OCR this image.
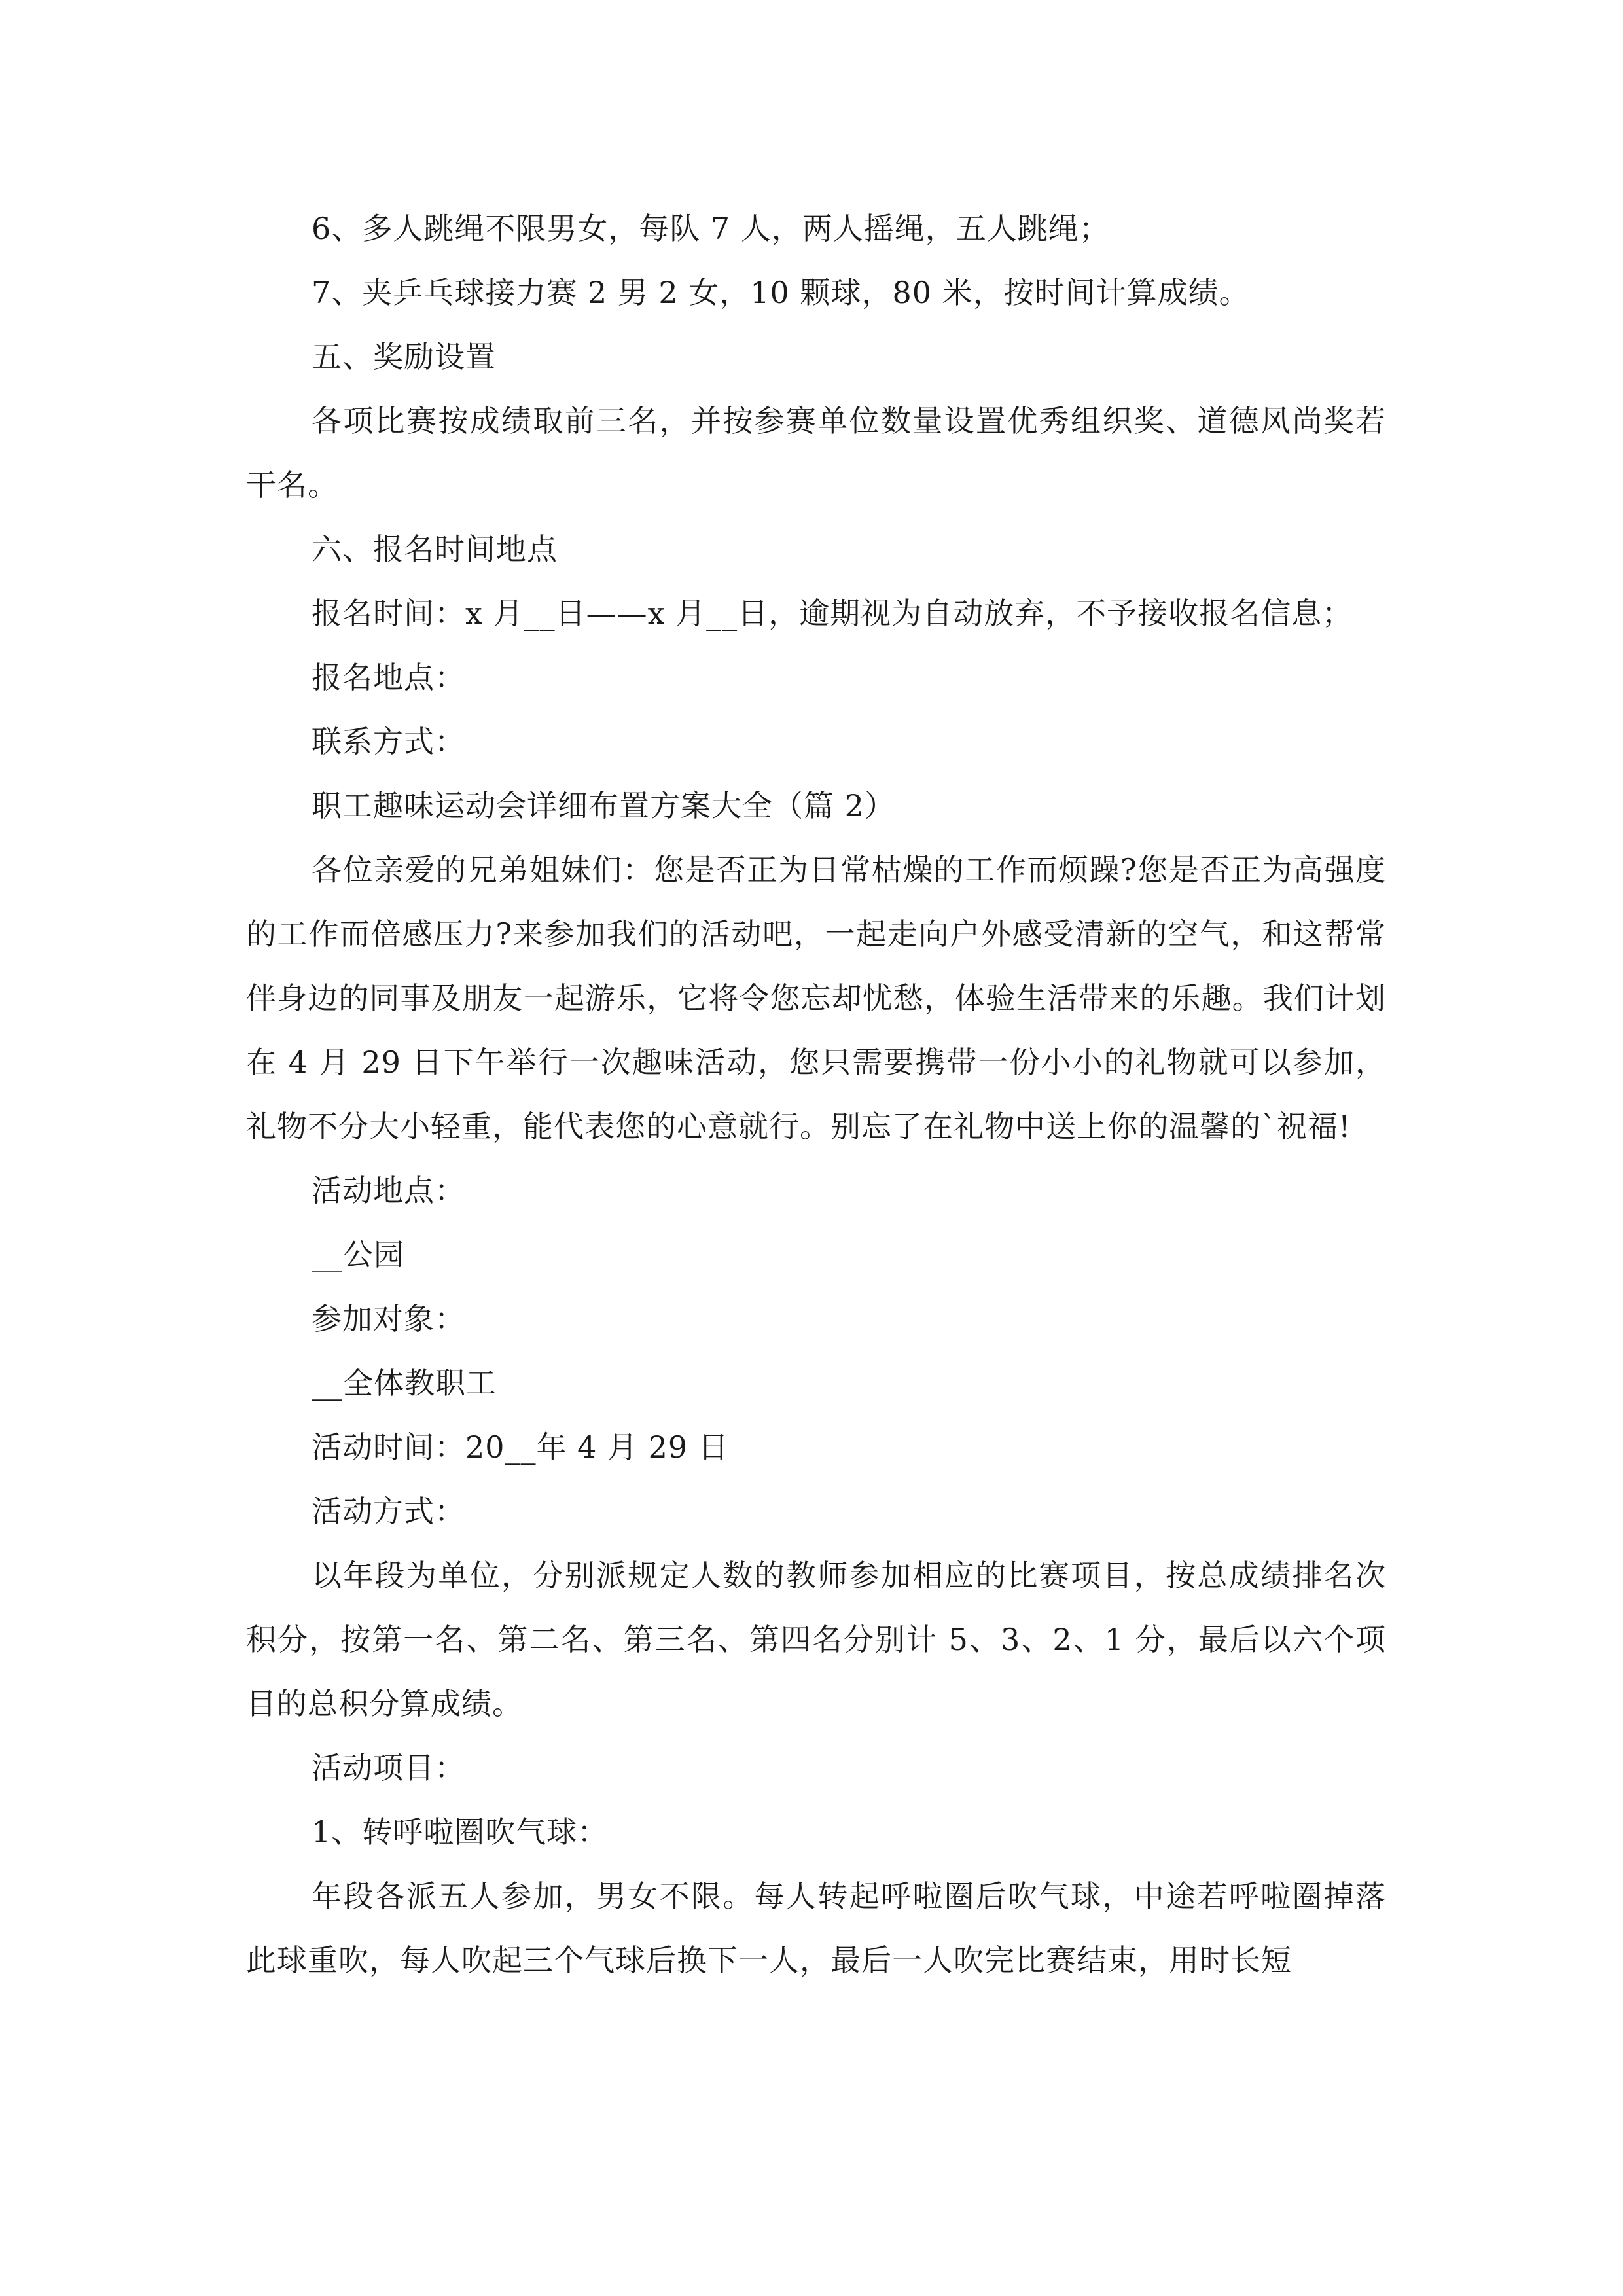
6、多人跳绳不限男女，每队 7 人，两人摇绳，五人跳绳；

7、夹乒乓球接力赛 2 男 2 女，10 颗球，80 米，按时间计算成绩。

五、奖励设置

各项比赛按成绩取前三名，并按参赛单位数量设置优秀组织奖、道德风尚奖若干名。

六、报名时间地点

报名时间：x 月__日——x 月__日，逾期视为自动放弃，不予接收报名信息；

报名地点：

联系方式：

职工趣味运动会详细布置方案大全（篇 2）

各位亲爱的兄弟姐妹们：您是否正为日常枯燥的工作而烦躁?您是否正为高强度的工作而倍感压力?来参加我们的活动吧，一起走向户外感受清新的空气，和这帮常伴身边的同事及朋友一起游乐，它将令您忘却忧愁，体验生活带来的乐趣。我们计划在 4 月 29 日下午举行一次趣味活动，您只需要携带一份小小的礼物就可以参加，礼物不分大小轻重，能代表您的心意就行。别忘了在礼物中送上你的温馨的`祝福!

活动地点：

__公园

参加对象：

__全体教职工

活动时间：20__年 4 月 29 日

活动方式：

以年段为单位，分别派规定人数的教师参加相应的比赛项目，按总成绩排名次积分，按第一名、第二名、第三名、第四名分别计 5、3、2、1 分，最后以六个项目的总积分算成绩。

活动项目：

1、转呼啦圈吹气球：

年段各派五人参加，男女不限。每人转起呼啦圈后吹气球，中途若呼啦圈掉落此球重吹，每人吹起三个气球后换下一人，最后一人吹完比赛结束，用时长短
